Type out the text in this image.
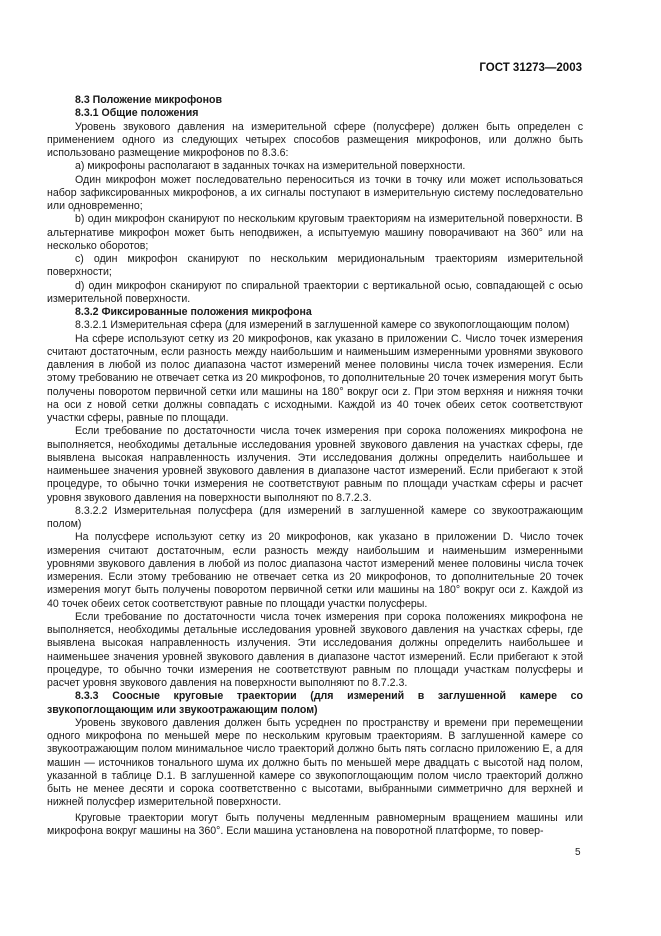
ГОСТ 31273—2003

8.3 Положение микрофонов

8.3.1 Общие положения

Уровень звукового давления на измерительной сфере (полусфере) должен быть определен с применением одного из следующих четырех способов размещения микрофонов, или должно быть использовано размещение микрофонов по 8.3.6:

a) микрофоны располагают в заданных точках на измерительной поверхности.

Один микрофон может последовательно переноситься из точки в точку или может использоваться набор зафиксированных микрофонов, а их сигналы поступают в измерительную систему последовательно или одновременно;

b) один микрофон сканируют по нескольким круговым траекториям на измерительной поверхности. В альтернативе микрофон может быть неподвижен, а испытуемую машину поворачивают на 360° или на несколько оборотов;

c) один микрофон сканируют по нескольким меридиональным траекториям измерительной поверхности;

d) один микрофон сканируют по спиральной траектории с вертикальной осью, совпадающей с осью измерительной поверхности.

8.3.2 Фиксированные положения микрофона

8.3.2.1 Измерительная сфера (для измерений в заглушенной камере со звукопоглощающим полом)

На сфере используют сетку из 20 микрофонов, как указано в приложении С. Число точек измерения считают достаточным, если разность между наибольшим и наименьшим измеренными уровнями звукового давления в любой из полос диапазона частот измерений менее половины числа точек измерения. Если этому требованию не отвечает сетка из 20 микрофонов, то дополнительные 20 точек измерения могут быть получены поворотом первичной сетки или машины на 180° вокруг оси z. При этом верхняя и нижняя точки на оси z новой сетки должны совпадать с исходными. Каждой из 40 точек обеих сеток соответствуют участки сферы, равные по площади.

Если требование по достаточности числа точек измерения при сорока положениях микрофона не выполняется, необходимы детальные исследования уровней звукового давления на участках сферы, где выявлена высокая направленность излучения. Эти исследования должны определить наибольшее и наименьшее значения уровней звукового давления в диапазоне частот измерений. Если прибегают к этой процедуре, то обычно точки измерения не соответствуют равным по площади участкам сферы и расчет уровня звукового давления на поверхности выполняют по 8.7.2.3.

8.3.2.2 Измерительная полусфера (для измерений в заглушенной камере со звукоотражающим полом)

На полусфере используют сетку из 20 микрофонов, как указано в приложении D. Число точек измерения считают достаточным, если разность между наибольшим и наименьшим измеренными уровнями звукового давления в любой из полос диапазона частот измерений менее половины числа точек измерения. Если этому требованию не отвечает сетка из 20 микрофонов, то дополнительные 20 точек измерения могут быть получены поворотом первичной сетки или машины на 180° вокруг оси z. Каждой из 40 точек обеих сеток соответствуют равные по площади участки полусферы.

Если требование по достаточности числа точек измерения при сорока положениях микрофона не выполняется, необходимы детальные исследования уровней звукового давления на участках сферы, где выявлена высокая направленность излучения. Эти исследования должны определить наибольшее и наименьшее значения уровней звукового давления в диапазоне частот измерений. Если прибегают к этой процедуре, то обычно точки измерения не соответствуют равным по площади участкам полусферы и расчет уровня звукового давления на поверхности выполняют по 8.7.2.3.

8.3.3 Соосные круговые траектории (для измерений в заглушенной камере со звукопоглощающим или звукоотражающим полом)

Уровень звукового давления должен быть усреднен по пространству и времени при перемещении одного микрофона по меньшей мере по нескольким круговым траекториям. В заглушенной камере со звукоотражающим полом минимальное число траекторий должно быть пять согласно приложению Е, а для машин — источников тонального шума их должно быть по меньшей мере двадцать с высотой над полом, указанной в таблице D.1. В заглушенной камере со звукопоглощающим полом число траекторий должно быть не менее десяти и сорока соответственно с высотами, выбранными симметрично для верхней и нижней полусфер измерительной поверхности.

Круговые траектории могут быть получены медленным равномерным вращением машины или микрофона вокруг машины на 360°. Если машина установлена на поворотной платформе, то повер-

5
